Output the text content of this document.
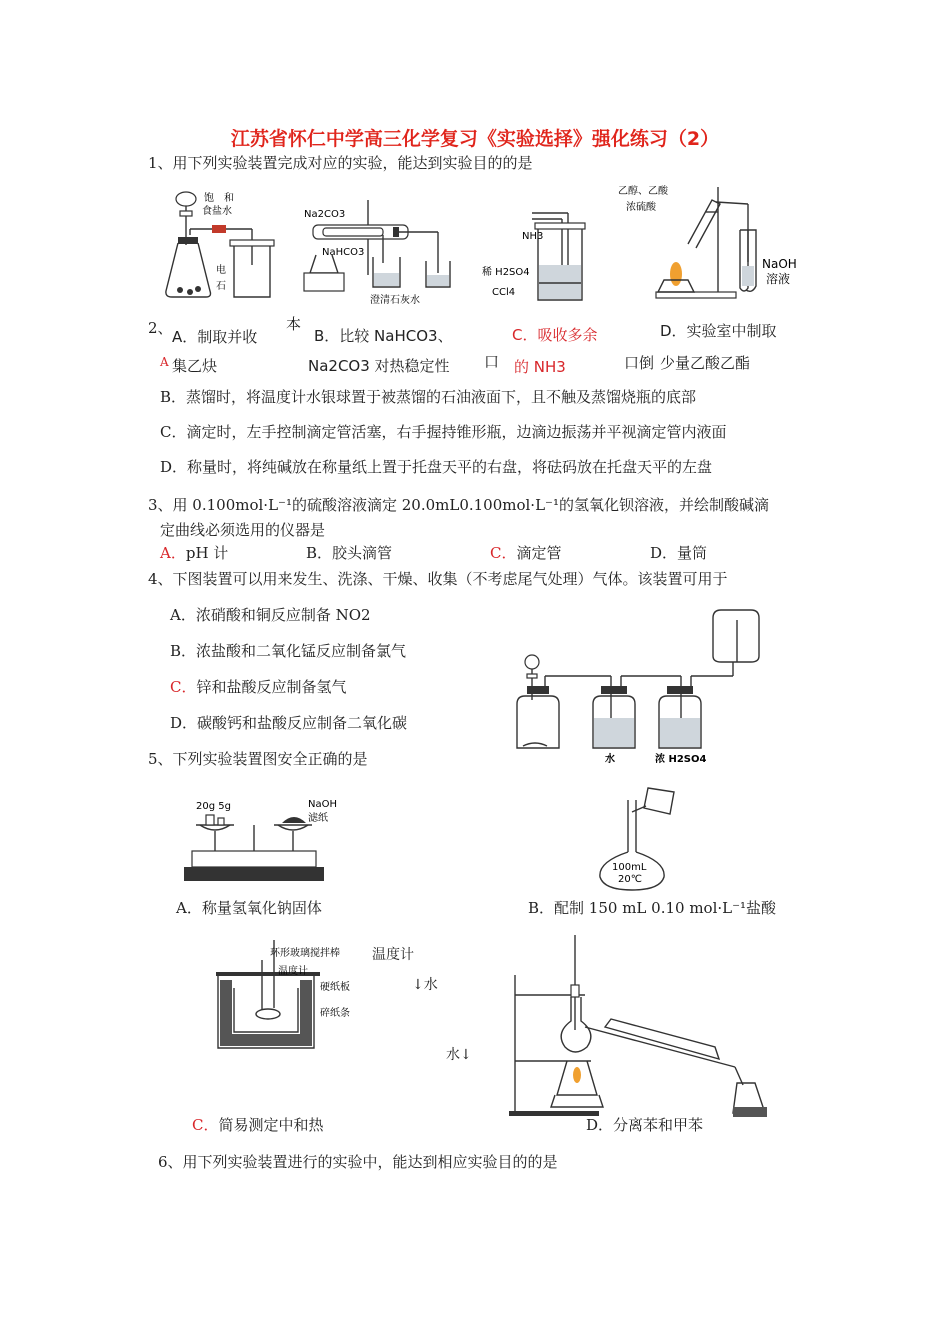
江苏省怀仁中学高三化学复习《实验选择》强化练习（2）
1、用下列实验装置完成对应的实验，能达到实验目的的是
饱　和
食盐水
电
石
Na2CO3
NaHCO3
澄清石灰水
NH3
稀 H2SO4
CCl4
乙醇、乙酸
浓硫酸
NaOH
溶液
A．制取并收
集乙炔
B．比较 NaHCO3、
Na2CO3 对热稳定性
C．吸收多余
的 NH3
D．实验室中制取
少量乙酸乙酯
2、	本
A	口	口倒
B．蒸馏时，将温度计水银球置于被蒸馏的石油液面下，且不触及蒸馏烧瓶的底部
C．滴定时，左手控制滴定管活塞，右手握持锥形瓶，边滴边振荡并平视滴定管内液面
D．称量时，将纯碱放在称量纸上置于托盘天平的右盘，将砝码放在托盘天平的左盘
3、用 0.100mol·L⁻¹的硫酸溶液滴定 20.0mL0.100mol·L⁻¹的氢氧化钡溶液，并绘制酸碱滴
定曲线必须选用的仪器是
A．pH 计	B．胶头滴管	C．滴定管	D．量筒
4、下图装置可以用来发生、洗涤、干燥、收集（不考虑尾气处理）气体。该装置可用于
A．浓硝酸和铜反应制备 NO2
B．浓盐酸和二氧化锰反应制备氯气
C．锌和盐酸反应制备氢气
D．碳酸钙和盐酸反应制备二氧化碳
水	浓 H2SO4
5、下列实验装置图安全正确的是
20g 5g	NaOH
滤纸
100mL
20℃
A．称量氢氧化钠固体	B．配制 150 mL 0.10 mol·L⁻¹盐酸
环形玻璃搅拌棒
温度计
硬纸板
碎纸条
温度计
↓水
水↓
C．简易测定中和热	D．分离苯和甲苯
6、用下列实验装置进行的实验中，能达到相应实验目的的是
